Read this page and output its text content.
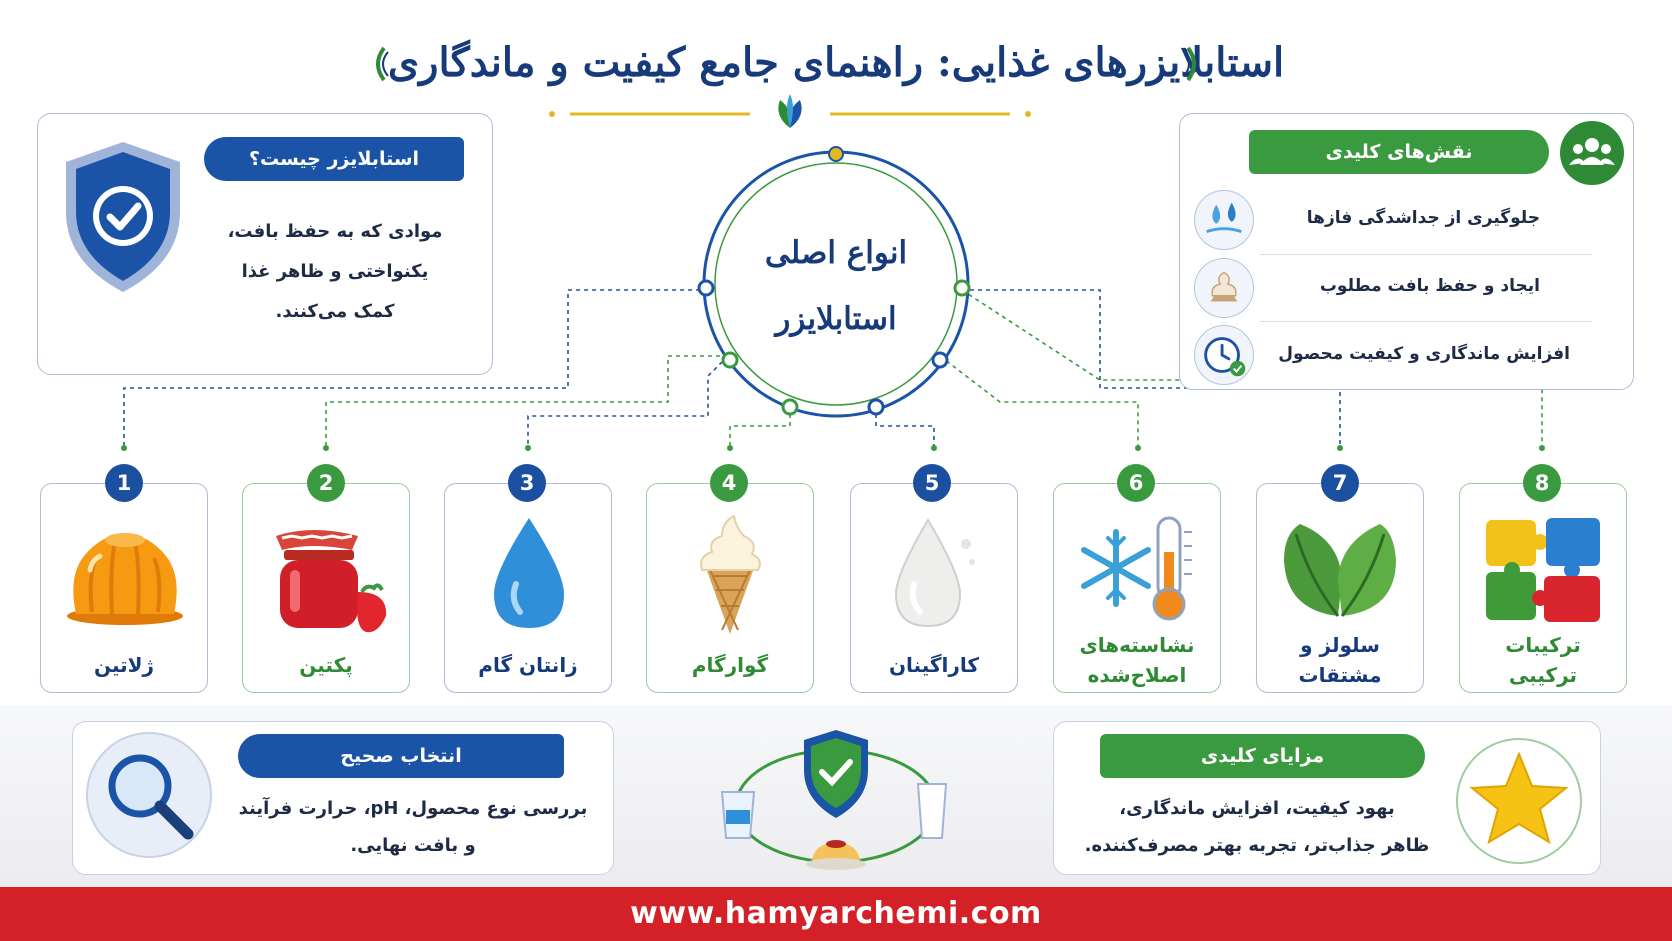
استابلایزرهای غذایی: راهنمای جامع کیفیت و ماندگاری
انواع اصلی
استابلایزر
استابلایزر چیست؟
موادی که به حفظ بافت،
یکنواختی و ظاهر غذا
کمک می‌کنند.
نقش‌های کلیدی
جلوگیری از جداشدگی فازها
ایجاد و حفظ بافت مطلوب
افزایش ماندگاری و کیفیت محصول
1
ژلاتین
2
پکتین
3
زانتان گام
4
گوارگام
5
کاراگینان
6
نشاسته‌های
اصلاح‌شده
7
سلولز و
مشتقات
8
ترکیبات
ترکیبی
انتخاب صحیح
بررسی نوع محصول، pH، حرارت فرآیند
و بافت نهایی.
مزایای کلیدی
بهود کیفیت، افزایش ماندگاری،
ظاهر جذاب‌تر، تجربه بهتر مصرف‌کننده.
www.hamyarchemi.com
